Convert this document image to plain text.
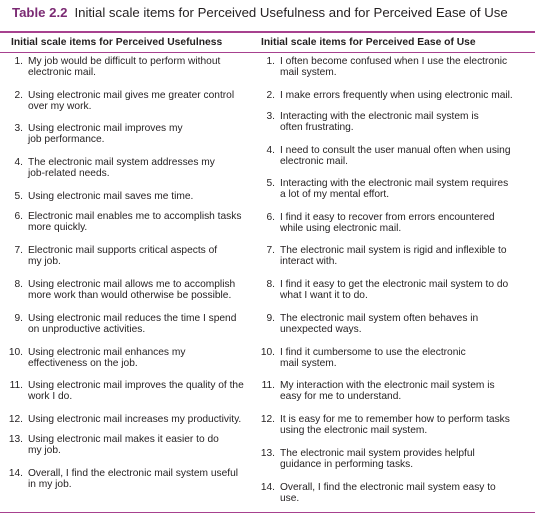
Table 2.2 Initial scale items for Perceived Usefulness and for Perceived Ease of Use
Initial scale items for Perceived Usefulness	Initial scale items for Perceived Ease of Use
1. My job would be difficult to perform without
electronic mail.
2. Using electronic mail gives me greater control
over my work.
3. Using electronic mail improves my
job performance.
4. The electronic mail system addresses my
job-related needs.
5. Using electronic mail saves me time.
6. Electronic mail enables me to accomplish tasks
more quickly.
7. Electronic mail supports critical aspects of
my job.
8. Using electronic mail allows me to accomplish
more work than would otherwise be possible.
9. Using electronic mail reduces the time I spend
on unproductive activities.
10. Using electronic mail enhances my
effectiveness on the job.
11. Using electronic mail improves the quality of the
work I do.
12. Using electronic mail increases my productivity.
13. Using electronic mail makes it easier to do
my job.
14. Overall, I find the electronic mail system useful
in my job.
1. I often become confused when I use the electronic
mail system.
2. I make errors frequently when using electronic mail.
3. Interacting with the electronic mail system is
often frustrating.
4. I need to consult the user manual often when using
electronic mail.
5. Interacting with the electronic mail system requires
a lot of my mental effort.
6. I find it easy to recover from errors encountered
while using electronic mail.
7. The electronic mail system is rigid and inflexible to
interact with.
8. I find it easy to get the electronic mail system to do
what I want it to do.
9. The electronic mail system often behaves in
unexpected ways.
10. I find it cumbersome to use the electronic
mail system.
11. My interaction with the electronic mail system is
easy for me to understand.
12. It is easy for me to remember how to perform tasks
using the electronic mail system.
13. The electronic mail system provides helpful
guidance in performing tasks.
14. Overall, I find the electronic mail system easy to
use.
